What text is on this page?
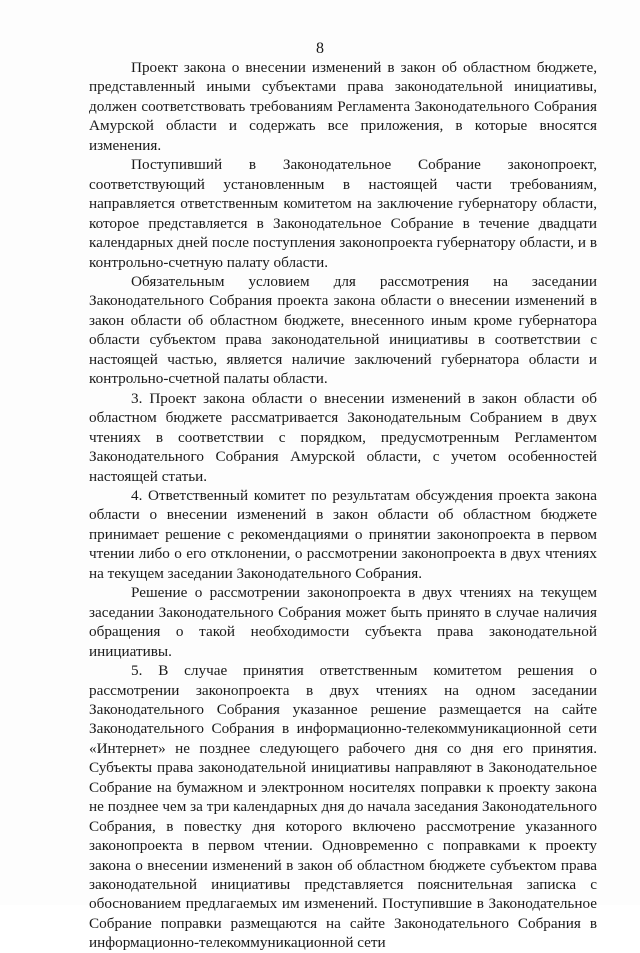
8

Проект закона о внесении изменений в закон об областном бюджете, представленный иными субъектами права законодательной инициативы, должен соответствовать требованиям Регламента Законодательного Собрания Амурской области и содержать все приложения, в которые вносятся изменения.

Поступивший в Законодательное Собрание законопроект, соответствующий установленным в настоящей части требованиям, направляется ответственным комитетом на заключение губернатору области, которое представляется в Законодательное Собрание в течение двадцати календарных дней после поступления законопроекта губернатору области, и в контрольно-счетную палату области.

Обязательным условием для рассмотрения на заседании Законодательного Собрания проекта закона области о внесении изменений в закон области об областном бюджете, внесенного иным кроме губернатора области субъектом права законодательной инициативы в соответствии с настоящей частью, является наличие заключений губернатора области и контрольно-счетной палаты области.

3. Проект закона области о внесении изменений в закон области об областном бюджете рассматривается Законодательным Собранием в двух чтениях в соответствии с порядком, предусмотренным Регламентом Законодательного Собрания Амурской области, с учетом особенностей настоящей статьи.

4. Ответственный комитет по результатам обсуждения проекта закона области о внесении изменений в закон области об областном бюджете принимает решение с рекомендациями о принятии законопроекта в первом чтении либо о его отклонении, о рассмотрении законопроекта в двух чтениях на текущем заседании Законодательного Собрания.

Решение о рассмотрении законопроекта в двух чтениях на текущем заседании Законодательного Собрания может быть принято в случае наличия обращения о такой необходимости субъекта права законодательной инициативы.

5. В случае принятия ответственным комитетом решения о рассмотрении законопроекта в двух чтениях на одном заседании Законодательного Собрания указанное решение размещается на сайте Законодательного Собрания в информационно-телекоммуникационной сети «Интернет» не позднее следующего рабочего дня со дня его принятия. Субъекты права законодательной инициативы направляют в Законодательное Собрание на бумажном и электронном носителях поправки к проекту закона не позднее чем за три календарных дня до начала заседания Законодательного Собрания, в повестку дня которого включено рассмотрение указанного законопроекта в первом чтении. Одновременно с поправками к проекту закона о внесении изменений в закон об областном бюджете субъектом права законодательной инициативы представляется пояснительная записка с обоснованием предлагаемых им изменений. Поступившие в Законодательное Собрание поправки размещаются на сайте Законодательного Собрания в информационно-телекоммуникационной сети
